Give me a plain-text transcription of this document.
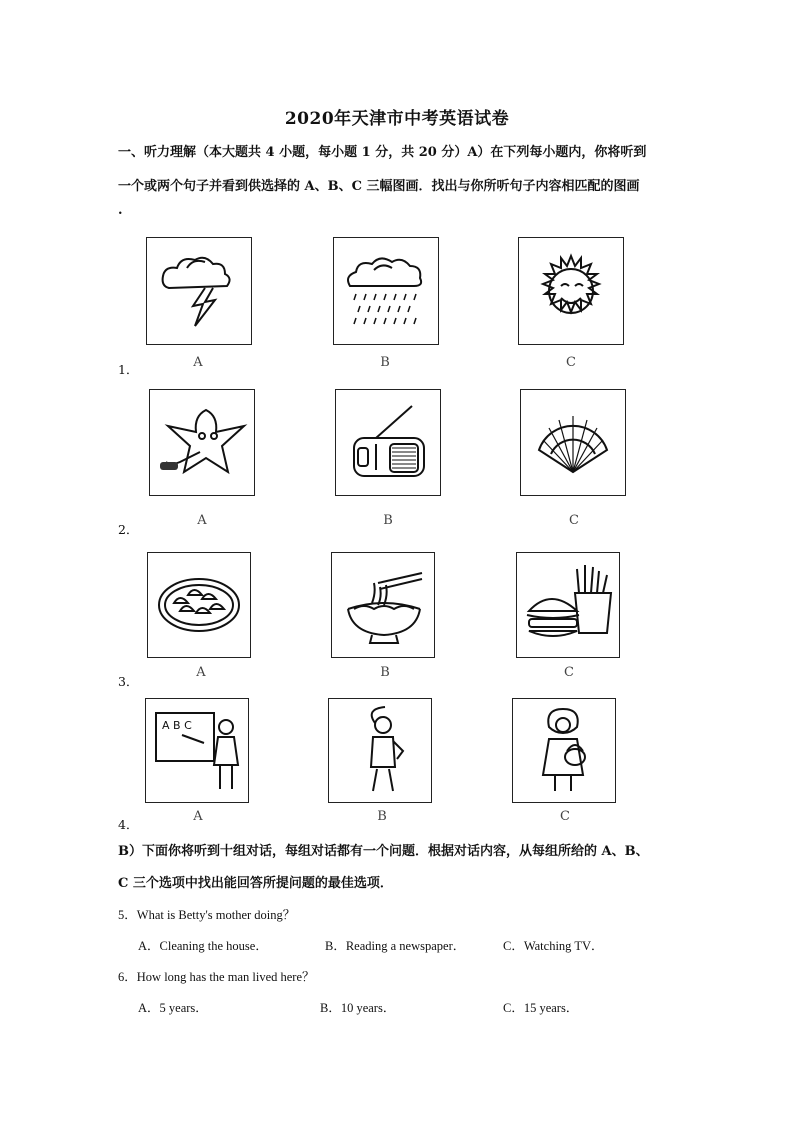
2020年天津市中考英语试卷
一、听力理解（本大题共 4 小题，每小题 1 分，共 20 分）A）在下列每小题内，你将听到
一个或两个句子并看到供选择的 A、B、C 三幅图画．找出与你所听句子内容相匹配的图画
.
1．	A	B	C
2．
A	B	C
3．
A	B	C
4．
A B C
A	B	C
B）下面你将听到十组对话，每组对话都有一个问题．根据对话内容，从每组所给的 A、B、
C 三个选项中找出能回答所提问题的最佳选项．
5．What is Betty's mother doing？
A．Cleaning the house．	B．Reading a newspaper．	C．Watching TV．
6．How long has the man lived here？
A．5 years．	B．10 years．	C．15 years．
